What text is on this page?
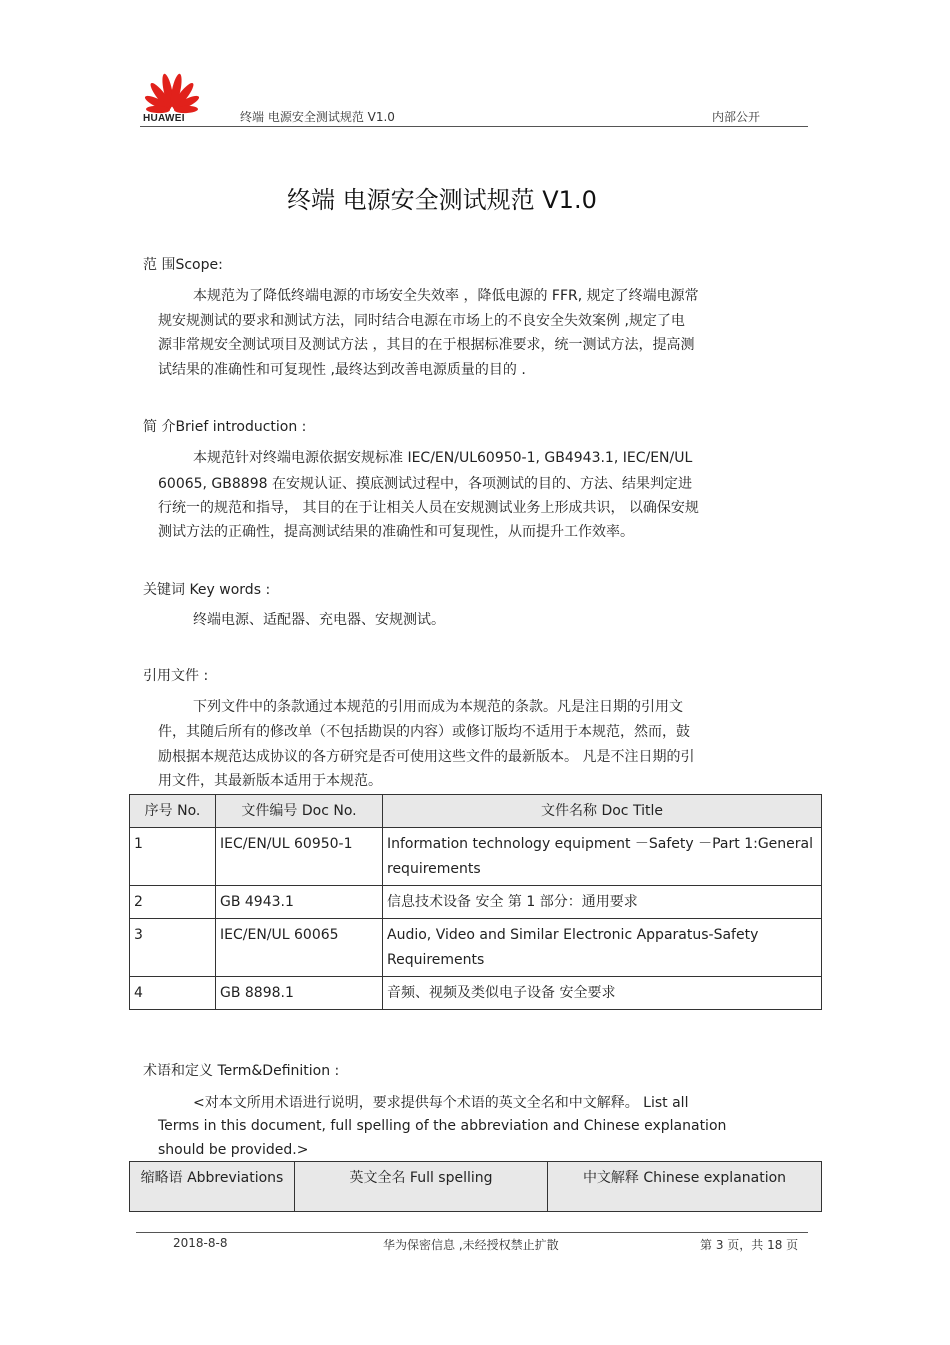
HUAWEI	终端 电源安全测试规范 V1.0	内部公开
终端 电源安全测试规范 V1.0
范 围Scope:
本规范为了降低终端电源的市场安全失效率 ，降低电源的 FFR, 规定了终端电源常
规安规测试的要求和测试方法，同时结合电源在市场上的不良安全失效案例 ,规定了电
源非常规安全测试项目及测试方法 ，其目的在于根据标准要求，统一测试方法，提高测
试结果的准确性和可复现性 ,最终达到改善电源质量的目的 .
简 介Brief introduction :
本规范针对终端电源依据安规标准 IEC/EN/UL60950-1, GB4943.1, IEC/EN/UL
60065, GB8898 在安规认证、摸底测试过程中，各项测试的目的、方法、结果判定进
行统一的规范和指导， 其目的在于让相关人员在安规测试业务上形成共识， 以确保安规
测试方法的正确性，提高测试结果的准确性和可复现性，从而提升工作效率。
关键词 Key words :
终端电源、适配器、充电器、安规测试。
引用文件 :
下列文件中的条款通过本规范的引用而成为本规范的条款。凡是注日期的引用文
件，其随后所有的修改单（不包括勘误的内容）或修订版均不适用于本规范，然而，鼓
励根据本规范达成协议的各方研究是否可使用这些文件的最新版本。 凡是不注日期的引
用文件，其最新版本适用于本规范。
序号 No.	文件编号 Doc No.	文件名称 Doc Title
1	IEC/EN/UL 60950-1	Information technology equipment －Safety －Part 1:General requirements
2	GB 4943.1	信息技术设备 安全 第 1 部分：通用要求
3	IEC/EN/UL 60065	Audio, Video and Similar Electronic Apparatus-Safety Requirements
4	GB 8898.1	音频、视频及类似电子设备 安全要求
术语和定义 Term&Definition :
<对本文所用术语进行说明，要求提供每个术语的英文全名和中文解释。 List all
Terms in this document, full spelling of the abbreviation and Chinese explanation
should be provided.>
缩略语 Abbreviations	英文全名 Full spelling	中文解释 Chinese explanation
2018-8-8	华为保密信息 ,未经授权禁止扩散	第 3 页，共 18 页
